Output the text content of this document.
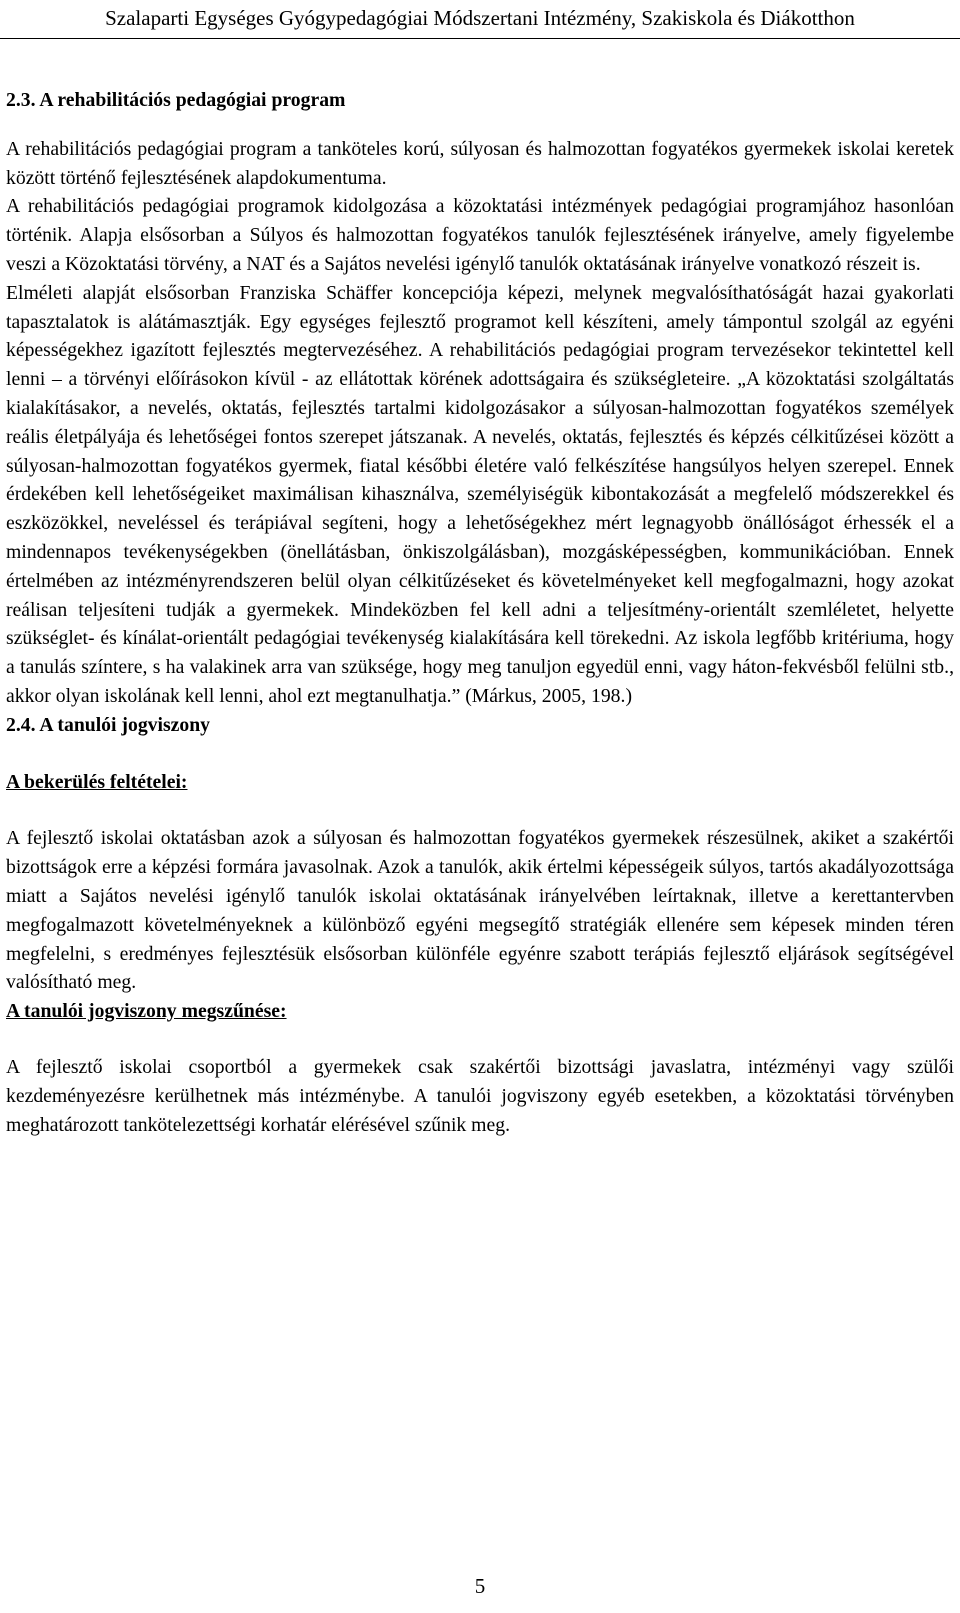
Szalaparti Egységes Gyógypedagógiai Módszertani Intézmény, Szakiskola és Diákotthon

2.3. A rehabilitációs pedagógiai program

A rehabilitációs pedagógiai program a tanköteles korú, súlyosan és halmozottan fogyatékos gyermekek iskolai keretek között történő fejlesztésének alapdokumentuma.

A rehabilitációs pedagógiai programok kidolgozása a közoktatási intézmények pedagógiai programjához hasonlóan történik. Alapja elsősorban a Súlyos és halmozottan fogyatékos tanulók fejlesztésének irányelve, amely figyelembe veszi a Közoktatási törvény, a NAT és a Sajátos nevelési igénylő tanulók oktatásának irányelve vonatkozó részeit is.

Elméleti alapját elsősorban Franziska Schäffer koncepciója képezi, melynek megvalósíthatóságát hazai gyakorlati tapasztalatok is alátámasztják. Egy egységes fejlesztő programot kell készíteni, amely támpontul szolgál az egyéni képességekhez igazított fejlesztés megtervezéséhez. A rehabilitációs pedagógiai program tervezésekor tekintettel kell lenni – a törvényi előírásokon kívül - az ellátottak körének adottságaira és szükségleteire. „A közoktatási szolgáltatás kialakításakor, a nevelés, oktatás, fejlesztés tartalmi kidolgozásakor a súlyosan-halmozottan fogyatékos személyek reális életpályája és lehetőségei fontos szerepet játszanak. A nevelés, oktatás, fejlesztés és képzés célkitűzései között a súlyosan-halmozottan fogyatékos gyermek, fiatal későbbi életére való felkészítése hangsúlyos helyen szerepel. Ennek érdekében kell lehetőségeiket maximálisan kihasználva, személyiségük kibontakozását a megfelelő módszerekkel és eszközökkel, neveléssel és terápiával segíteni, hogy a lehetőségekhez mért legnagyobb önállóságot érhessék el a mindennapos tevékenységekben (önellátásban, önkiszolgálásban), mozgásképességben, kommunikációban. Ennek értelmében az intézményrendszeren belül olyan célkitűzéseket és követelményeket kell megfogalmazni, hogy azokat reálisan teljesíteni tudják a gyermekek. Mindeközben fel kell adni a teljesítmény-orientált szemléletet, helyette szükséglet- és kínálat-orientált pedagógiai tevékenység kialakítására kell törekedni. Az iskola legfőbb kritériuma, hogy a tanulás színtere, s ha valakinek arra van szüksége, hogy meg tanuljon egyedül enni, vagy háton-fekvésből felülni stb., akkor olyan iskolának kell lenni, ahol ezt megtanulhatja.” (Márkus, 2005, 198.)

2.4. A tanulói jogviszony

A bekerülés feltételei:

A fejlesztő iskolai oktatásban azok a súlyosan és halmozottan fogyatékos gyermekek részesülnek, akiket a szakértői bizottságok erre a képzési formára javasolnak. Azok a tanulók, akik értelmi képességeik súlyos, tartós akadályozottsága miatt a Sajátos nevelési igénylő tanulók iskolai oktatásának irányelvében leírtaknak, illetve a kerettantervben megfogalmazott követelményeknek a különböző egyéni megsegítő stratégiák ellenére sem képesek minden téren megfelelni, s eredményes fejlesztésük elsősorban különféle egyénre szabott terápiás fejlesztő eljárások segítségével valósítható meg.

A tanulói jogviszony megszűnése:

A fejlesztő iskolai csoportból a gyermekek csak szakértői bizottsági javaslatra, intézményi vagy szülői kezdeményezésre kerülhetnek más intézménybe. A tanulói jogviszony egyéb esetekben, a közoktatási törvényben meghatározott tankötelezettségi korhatár elérésével szűnik meg.

5
